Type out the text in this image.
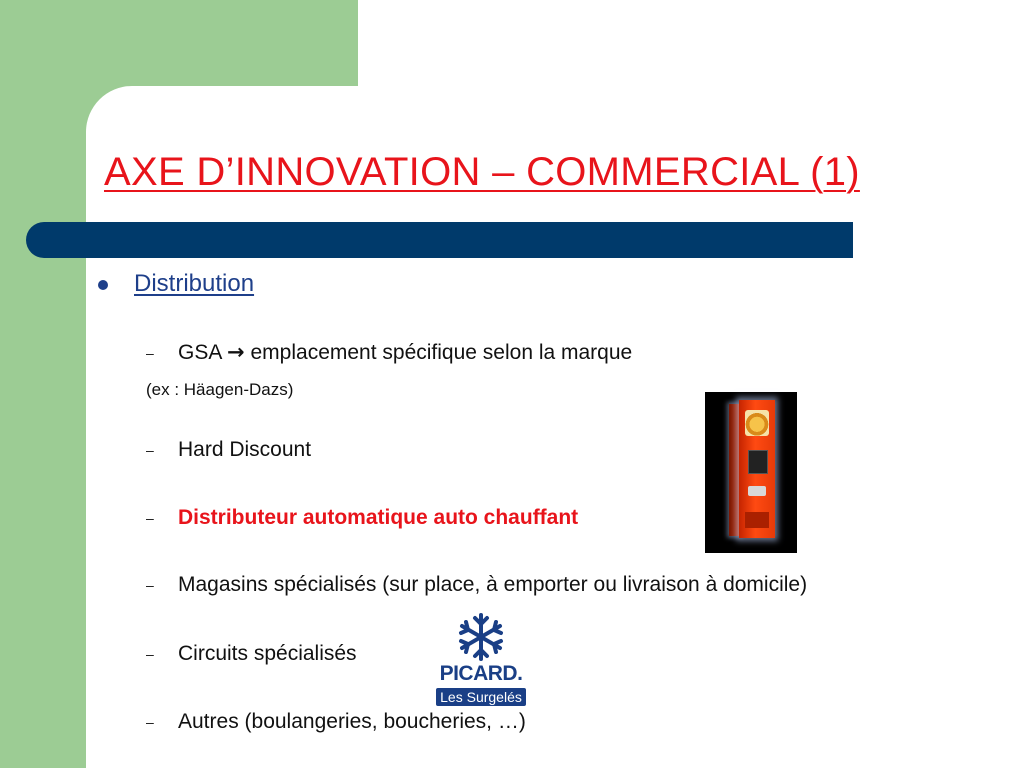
AXE D’INNOVATION – COMMERCIAL (1)
Distribution
– GSA → emplacement spécifique selon la marque
(ex : Häagen-Dazs)
– Hard Discount
– Distributeur automatique auto chauffant
– Magasins spécialisés (sur place, à emporter ou livraison à domicile)
– Circuits spécialisés
– Autres (boulangeries, boucheries, …)
PICARD.
Les Surgelés
